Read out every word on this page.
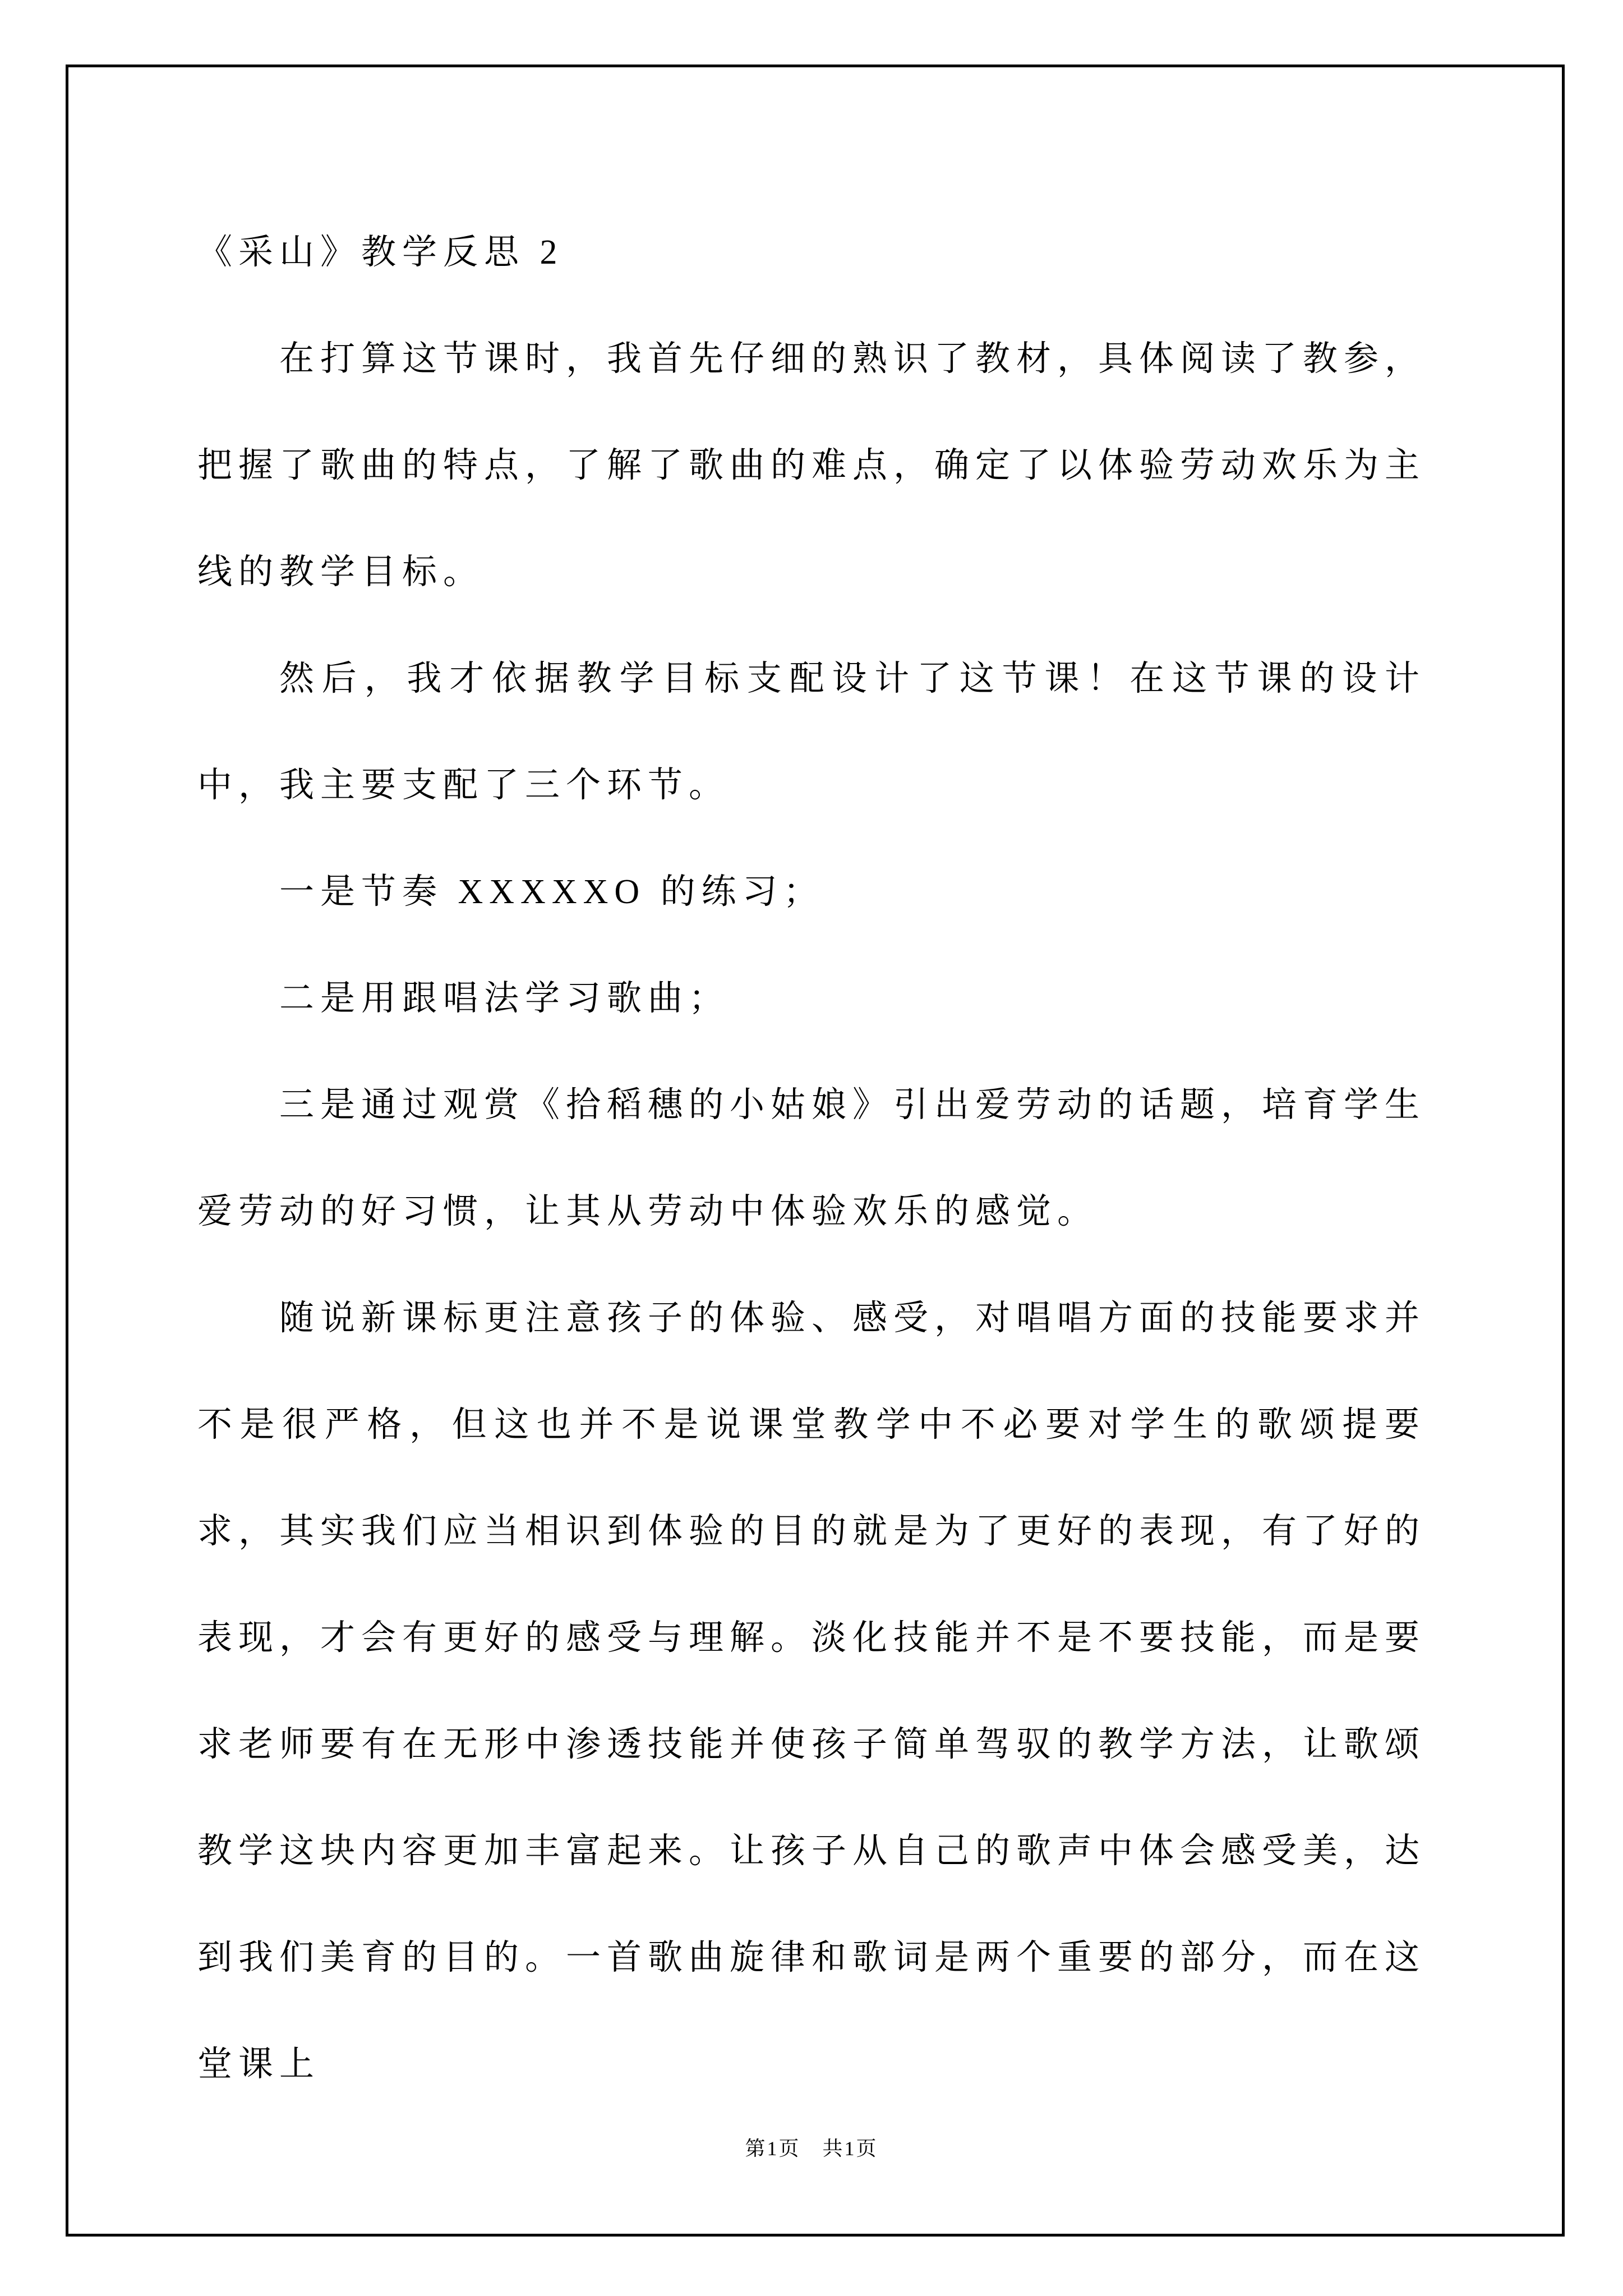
《采山》教学反思 2

在打算这节课时，我首先仔细的熟识了教材，具体阅读了教参，把握了歌曲的特点，了解了歌曲的难点，确定了以体验劳动欢乐为主线的教学目标。

然后，我才依据教学目标支配设计了这节课！在这节课的设计中，我主要支配了三个环节。

一是节奏 XXXXXO 的练习；

二是用跟唱法学习歌曲；

三是通过观赏《拾稻穗的小姑娘》引出爱劳动的话题，培育学生爱劳动的好习惯，让其从劳动中体验欢乐的感觉。

随说新课标更注意孩子的体验、感受，对唱唱方面的技能要求并不是很严格，但这也并不是说课堂教学中不必要对学生的歌颂提要求，其实我们应当相识到体验的目的就是为了更好的表现，有了好的表现，才会有更好的感受与理解。淡化技能并不是不要技能，而是要求老师要有在无形中渗透技能并使孩子简单驾驭的教学方法，让歌颂教学这块内容更加丰富起来。让孩子从自己的歌声中体会感受美，达到我们美育的目的。一首歌曲旋律和歌词是两个重要的部分，而在这堂课上

第1页　共1页
